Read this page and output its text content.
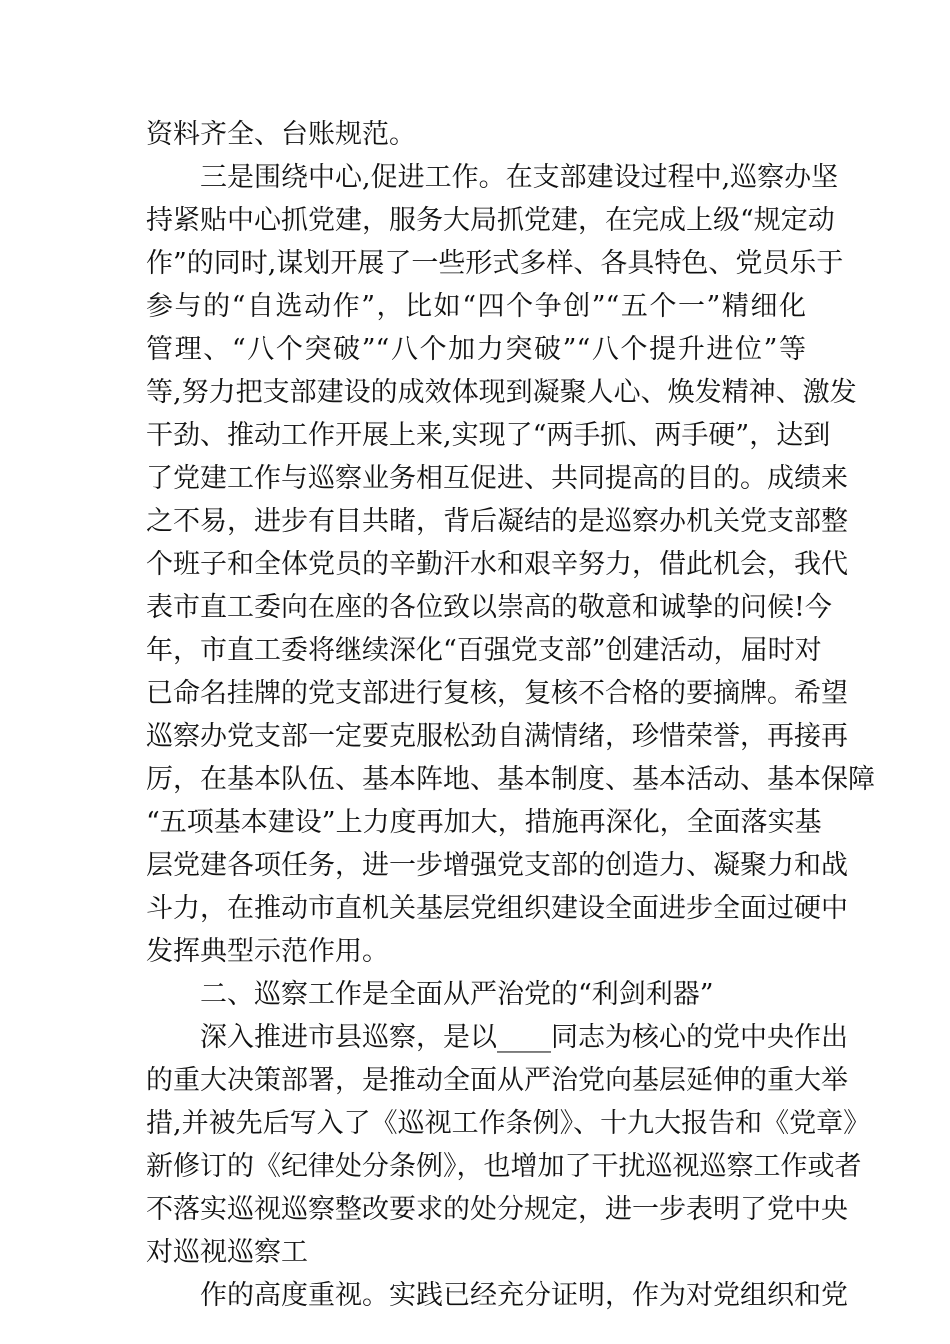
资料齐全、台账规范。
三是围绕中心,促进工作。在支部建设过程中,巡察办坚
持紧贴中心抓党建，服务大局抓党建，在完成上级“规定动
作”的同时,谋划开展了一些形式多样、各具特色、党员乐于
参与的“自选动作”，比如“四个争创”“五个一”精细化
管理、“八个突破”“八个加力突破”“八个提升进位”等
等,努力把支部建设的成效体现到凝聚人心、焕发精神、激发
干劲、推动工作开展上来,实现了“两手抓、两手硬”，达到
了党建工作与巡察业务相互促进、共同提高的目的。成绩来
之不易，进步有目共睹，背后凝结的是巡察办机关党支部整
个班子和全体党员的辛勤汗水和艰辛努力，借此机会，我代
表市直工委向在座的各位致以崇高的敬意和诚挚的问候!今
年，市直工委将继续深化“百强党支部”创建活动，届时对
已命名挂牌的党支部进行复核，复核不合格的要摘牌。希望
巡察办党支部一定要克服松劲自满情绪，珍惜荣誉，再接再
厉，在基本队伍、基本阵地、基本制度、基本活动、基本保障
“五项基本建设”上力度再加大，措施再深化，全面落实基
层党建各项任务，进一步增强党支部的创造力、凝聚力和战
斗力，在推动市直机关基层党组织建设全面进步全面过硬中
发挥典型示范作用。
二、巡察工作是全面从严治党的“利剑利器”
深入推进市县巡察，是以____同志为核心的党中央作出
的重大决策部署，是推动全面从严治党向基层延伸的重大举
措,并被先后写入了《巡视工作条例》、十九大报告和《党章》
新修订的《纪律处分条例》，也增加了干扰巡视巡察工作或者
不落实巡视巡察整改要求的处分规定，进一步表明了党中央
对巡视巡察工
作的高度重视。实践已经充分证明，作为对党组织和党
